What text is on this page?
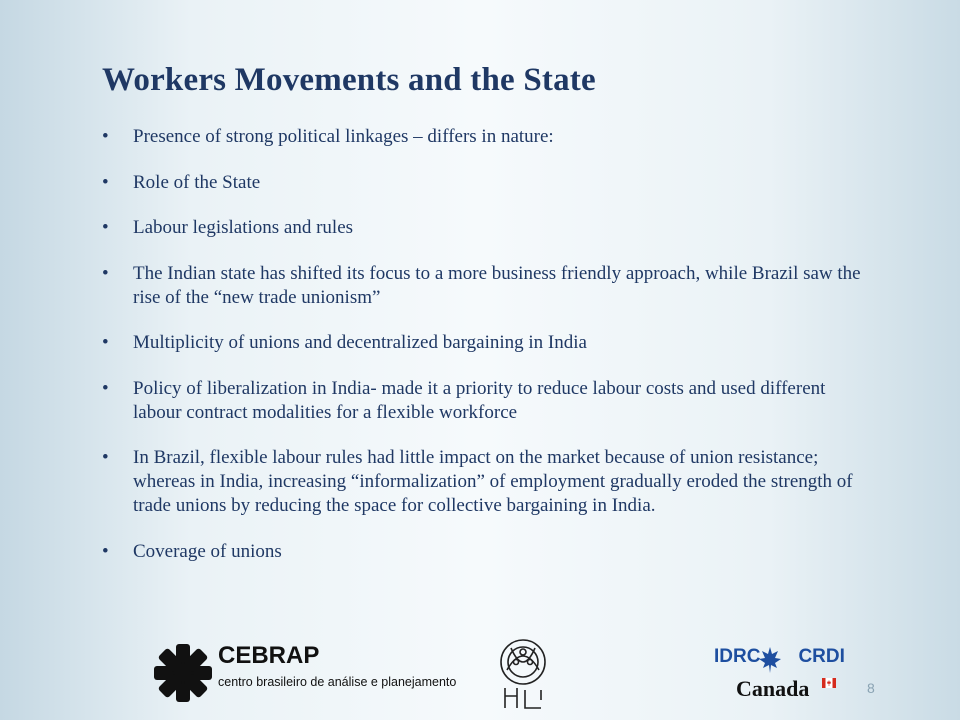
Workers Movements and the State
• Presence of strong political linkages – differs in nature:
• Role of the State
• Labour legislations and rules
• The Indian state has shifted its focus to a more business friendly approach, while Brazil saw the rise of the “new trade unionism”
• Multiplicity of unions and decentralized bargaining in India
• Policy of liberalization in India- made it a priority to reduce labour costs and used different labour contract modalities for a flexible workforce
• In Brazil, flexible labour rules had little impact on the market because of union resistance; whereas in India, increasing “informalization” of employment gradually eroded the strength of trade unions by reducing the space for collective bargaining in India.
• Coverage of unions
CEBRAP
centro brasileiro de análise e planejamento
IDRC CRDI
Canada	8
